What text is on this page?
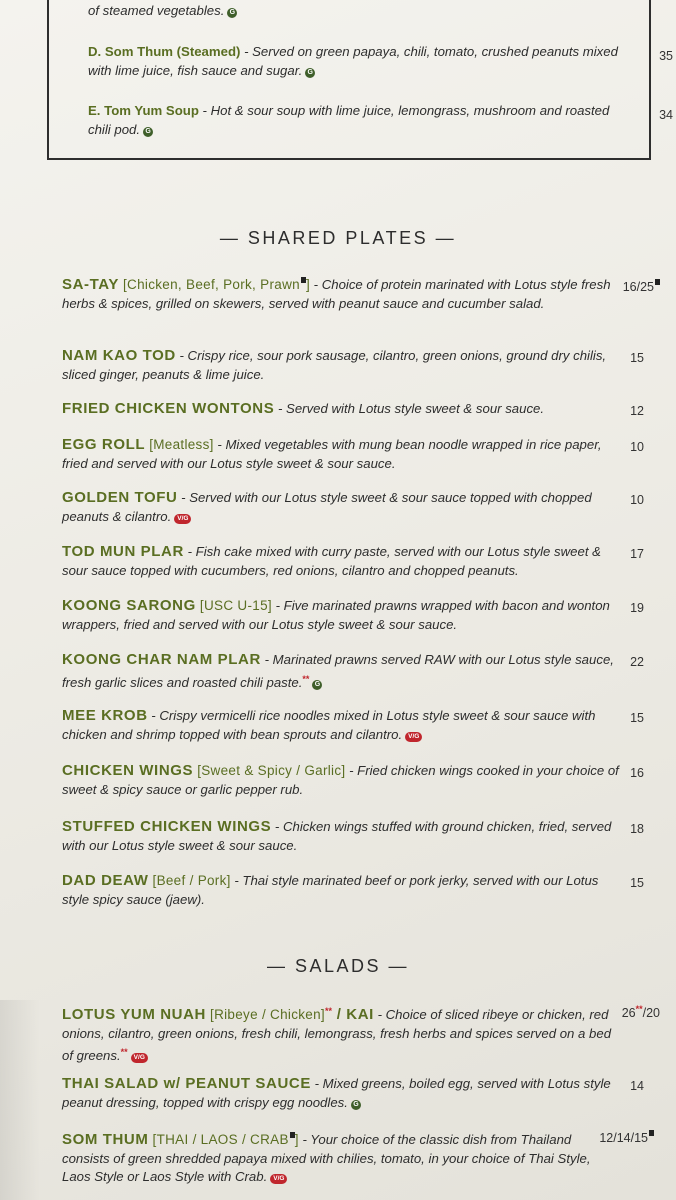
of steamed vegetables. G
D. Som Thum (Steamed) - Served on green papaya, chili, tomato, crushed peanuts mixed with lime juice, fish sauce and sugar. G
35
E. Tom Yum Soup - Hot & sour soup with lime juice, lemongrass, mushroom and roasted chili pod. G
34
— SHARED PLATES —
SA-TAY [Chicken, Beef, Pork, Prawn ] - Choice of protein marinated with Lotus style fresh herbs & spices, grilled on skewers, served with peanut sauce and cucumber salad.
16/25
NAM KAO TOD - Crispy rice, sour pork sausage, cilantro, green onions, ground dry chilis, sliced ginger, peanuts & lime juice.
15
FRIED CHICKEN WONTONS - Served with Lotus style sweet & sour sauce.	12
EGG ROLL [Meatless] - Mixed vegetables with mung bean noodle wrapped in rice paper, fried and served with our Lotus style sweet & sour sauce.
10
GOLDEN TOFU - Served with our Lotus style sweet & sour sauce topped with chopped peanuts & cilantro. V/G
10
TOD MUN PLAR - Fish cake mixed with curry paste, served with our Lotus style sweet & sour sauce topped with cucumbers, red onions, cilantro and chopped peanuts.
17
KOONG SARONG [USC U-15] - Five marinated prawns wrapped with bacon and wonton wrappers, fried and served with our Lotus style sweet & sour sauce.
19
KOONG CHAR NAM PLAR - Marinated prawns served RAW with our Lotus style sauce, fresh garlic slices and roasted chili paste.**G
22
MEE KROB - Crispy vermicelli rice noodles mixed in Lotus style sweet & sour sauce with chicken and shrimp topped with bean sprouts and cilantro. V/G
15
CHICKEN WINGS [Sweet & Spicy / Garlic] - Fried chicken wings cooked in your choice of sweet & spicy sauce or garlic pepper rub.
16
STUFFED CHICKEN WINGS - Chicken wings stuffed with ground chicken, fried, served with our Lotus style sweet & sour sauce.
18
DAD DEAW [Beef / Pork] - Thai style marinated beef or pork jerky, served with our Lotus style spicy sauce (jaew).
15
— SALADS —
LOTUS YUM NUAH [Ribeye / Chicken]** / KAI - Choice of sliced ribeye or chicken, red onions, cilantro, green onions, fresh chili, lemongrass, fresh herbs and spices served on a bed of greens.**V/G
26**/20
THAI SALAD w/ PEANUT SAUCE - Mixed greens, boiled egg, served with Lotus style peanut dressing, topped with crispy egg noodles. G
14
SOM THUM [THAI / LAOS / CRAB ] - Your choice of the classic dish from Thailand consists of green shredded papaya mixed with chilies, tomato, in your choice of Thai Style, Laos Style or Laos Style with Crab. V/G
12/14/15
